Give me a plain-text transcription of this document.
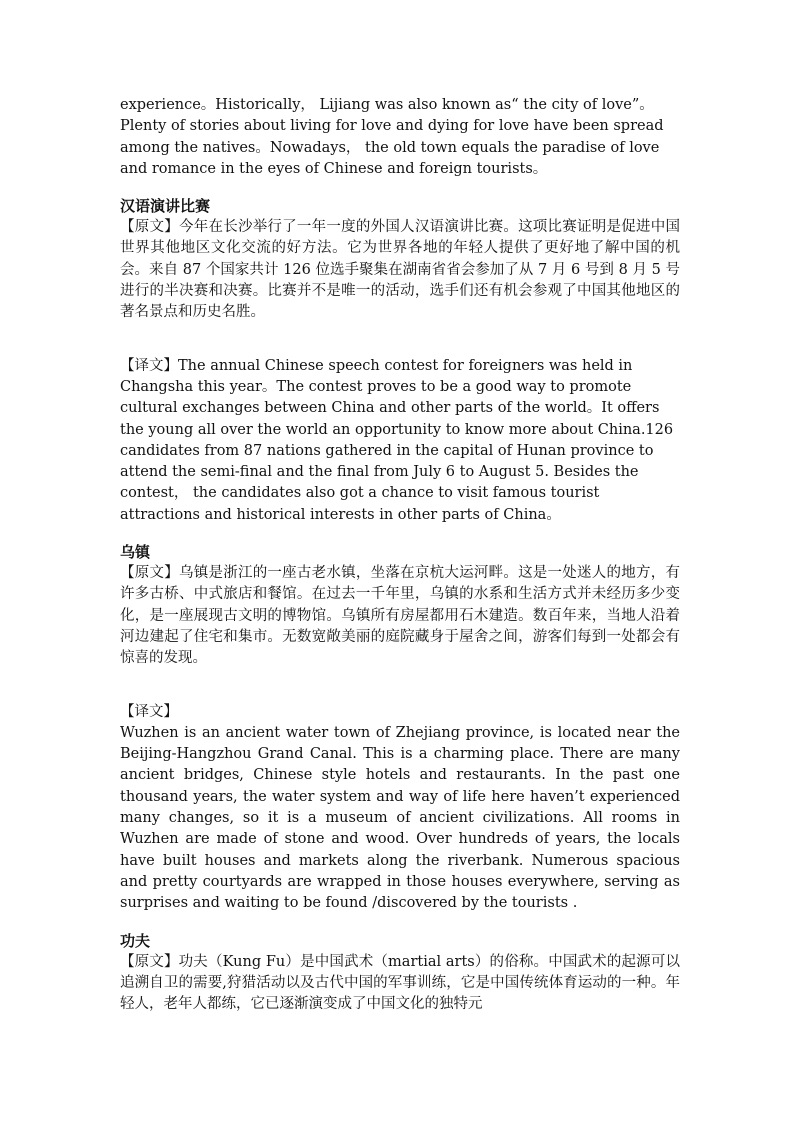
experience。Historically， Lijiang was also known as“ the city of love”。Plenty of stories about living for love and dying for love have been spread among the natives。Nowadays， the old town equals the paradise of love and romance in the eyes of Chinese and foreign tourists。

汉语演讲比赛

【原文】今年在长沙举行了一年一度的外国人汉语演讲比赛。这项比赛证明是促进中国世界其他地区文化交流的好方法。它为世界各地的年轻人提供了更好地了解中国的机会。来自 87 个国家共计 126 位选手聚集在湖南省省会参加了从 7 月 6 号到 8 月 5 号进行的半决赛和决赛。比赛并不是唯一的活动，选手们还有机会参观了中国其他地区的著名景点和历史名胜。

【译文】The annual Chinese speech contest for foreigners was held in Changsha this year。The contest proves to be a good way to promote cultural exchanges between China and other parts of the world。It offers the young all over the world an opportunity to know more about China.126 candidates from 87 nations gathered in the capital of Hunan province to attend the semi-final and the final from July 6 to August 5. Besides the contest， the candidates also got a chance to visit famous tourist attractions and historical interests in other parts of China。

乌镇

【原文】乌镇是浙江的一座古老水镇，坐落在京杭大运河畔。这是一处迷人的地方，有许多古桥、中式旅店和餐馆。在过去一千年里，乌镇的水系和生活方式并未经历多少变化，是一座展现古文明的博物馆。乌镇所有房屋都用石木建造。数百年来，当地人沿着河边建起了住宅和集市。无数宽敞美丽的庭院藏身于屋舍之间，游客们每到一处都会有惊喜的发现。

【译文】

Wuzhen is an ancient water town of Zhejiang province, is located near the Beijing-Hangzhou Grand Canal. This is a charming place. There are many ancient bridges, Chinese style hotels and restaurants. In the past one thousand years, the water system and way of life here haven’t experienced many changes, so it is a museum of ancient civilizations. All rooms in Wuzhen are made of stone and wood. Over hundreds of years, the locals have built houses and markets along the riverbank. Numerous spacious and pretty courtyards are wrapped in those houses everywhere, serving as surprises and waiting to be found /discovered by the tourists .

功夫

【原文】功夫（Kung Fu）是中国武术（martial arts）的俗称。中国武术的起源可以追溯自卫的需要,狩猎活动以及古代中国的军事训练，它是中国传统体育运动的一种。年轻人，老年人都练，它已逐渐演变成了中国文化的独特元
